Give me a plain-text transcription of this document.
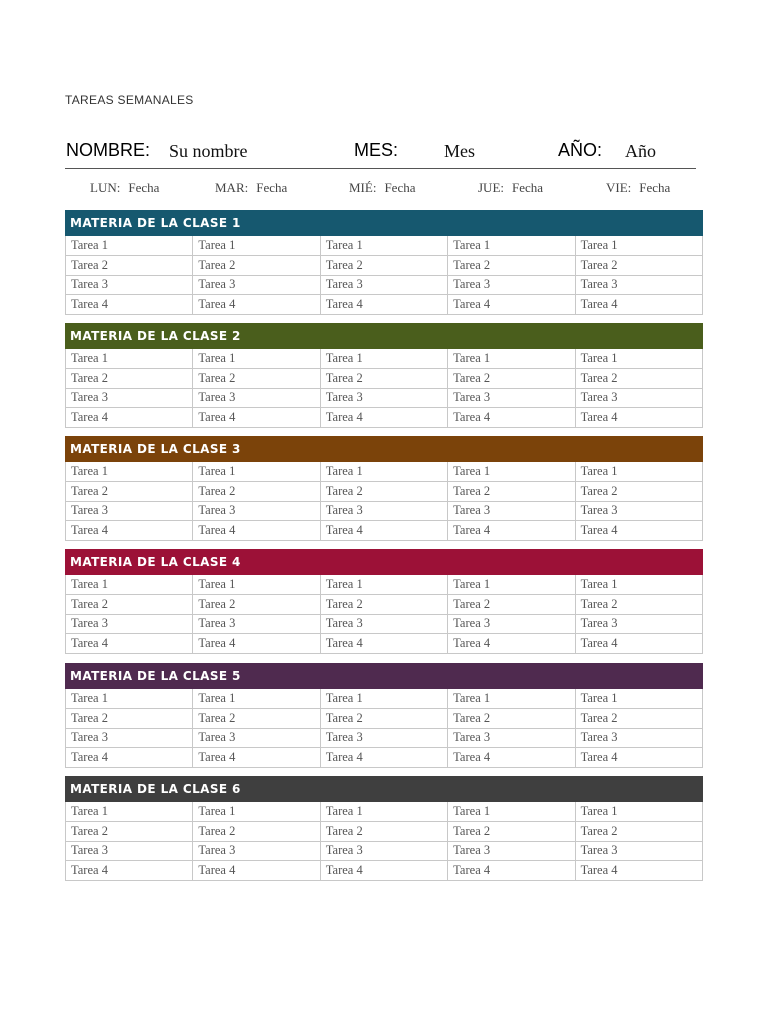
TAREAS SEMANALES
NOMBRE: Su nombre	MES:	Mes	AÑO: Año
LUN: Fecha	MAR: Fecha	MIÉ: Fecha	JUE: Fecha	VIE: Fecha
MATERIA DE LA CLASE 1
Tarea 1	Tarea 1	Tarea 1	Tarea 1	Tarea 1
Tarea 2	Tarea 2	Tarea 2	Tarea 2	Tarea 2
Tarea 3	Tarea 3	Tarea 3	Tarea 3	Tarea 3
Tarea 4	Tarea 4	Tarea 4	Tarea 4	Tarea 4
MATERIA DE LA CLASE 2
Tarea 1	Tarea 1	Tarea 1	Tarea 1	Tarea 1
Tarea 2	Tarea 2	Tarea 2	Tarea 2	Tarea 2
Tarea 3	Tarea 3	Tarea 3	Tarea 3	Tarea 3
Tarea 4	Tarea 4	Tarea 4	Tarea 4	Tarea 4
MATERIA DE LA CLASE 3
Tarea 1	Tarea 1	Tarea 1	Tarea 1	Tarea 1
Tarea 2	Tarea 2	Tarea 2	Tarea 2	Tarea 2
Tarea 3	Tarea 3	Tarea 3	Tarea 3	Tarea 3
Tarea 4	Tarea 4	Tarea 4	Tarea 4	Tarea 4
MATERIA DE LA CLASE 4
Tarea 1	Tarea 1	Tarea 1	Tarea 1	Tarea 1
Tarea 2	Tarea 2	Tarea 2	Tarea 2	Tarea 2
Tarea 3	Tarea 3	Tarea 3	Tarea 3	Tarea 3
Tarea 4	Tarea 4	Tarea 4	Tarea 4	Tarea 4
MATERIA DE LA CLASE 5
Tarea 1	Tarea 1	Tarea 1	Tarea 1	Tarea 1
Tarea 2	Tarea 2	Tarea 2	Tarea 2	Tarea 2
Tarea 3	Tarea 3	Tarea 3	Tarea 3	Tarea 3
Tarea 4	Tarea 4	Tarea 4	Tarea 4	Tarea 4
MATERIA DE LA CLASE 6
Tarea 1	Tarea 1	Tarea 1	Tarea 1	Tarea 1
Tarea 2	Tarea 2	Tarea 2	Tarea 2	Tarea 2
Tarea 3	Tarea 3	Tarea 3	Tarea 3	Tarea 3
Tarea 4	Tarea 4	Tarea 4	Tarea 4	Tarea 4
